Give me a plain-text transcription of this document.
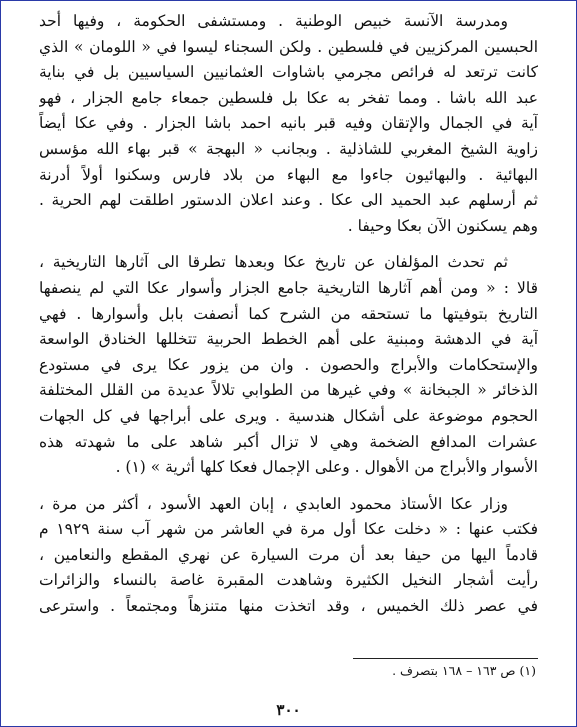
ومدرسة الآنسة خبيص الوطنية . ومستشفى الحكومة ، وفيها أحد
الحبسين المركزيين في فلسطين . ولكن السجناء ليسوا في « اللومان » الذي
كانت ترتعد له فرائص مجرمي باشاوات العثمانيين السياسيين بل في بناية
عبد الله باشا . ومما تفخر به عكا بل فلسطين جمعاء جامع الجزار ، فهو
آية في الجمال والإتقان وفيه قبر بانيه احمد باشا الجزار . وفي عكا أيضاً
زاوية الشيخ المغربي للشاذلية . وبجانب « البهجة » قبر بهاء الله مؤسس
البهائية . والبهائيون جاءوا مع البهاء من بلاد فارس وسكنوا أولاً أدرنة
ثم أرسلهم عبد الحميد الى عكا . وعند اعلان الدستور اطلقت لهم الحرية .
وهم يسكنون الآن بعكا وحيفا .
ثم تحدث المؤلفان عن تاريخ عكا وبعدها تطرقا الى آثارها التاريخية ،
قالا : « ومن أهم آثارها التاريخية جامع الجزار وأسوار عكا التي لم ينصفها
التاريخ بتوفيتها ما تستحقه من الشرح كما أنصفت بابل وأسوارها . فهي
آية في الدهشة ومبنية على أهم الخطط الحربية تتخللها الخنادق الواسعة
والإستحكامات والأبراج والحصون . وان من يزور عكا يرى في مستودع
الذخائر « الجبخانة » وفي غيرها من الطوابي تلالاً عديدة من القلل المختلفة
الحجوم موضوعة على أشكال هندسية . ويرى على أبراجها في كل الجهات
عشرات المدافع الضخمة وهي لا تزال أكبر شاهد على ما شهدته هذه
الأسوار والأبراج من الأهوال . وعلى الإجمال فعكا كلها أثرية » (١) .
وزار عكا الأستاذ محمود العابدي ، إبان العهد الأسود ، أكثر من مرة ،
فكتب عنها : « دخلت عكا أول مرة في العاشر من شهر آب سنة ١٩٢٩ م
قادماً اليها من حيفا بعد أن مرت السيارة عن نهري المقطع والنعامين ،
رأيت أشجار النخيل الكثيرة وشاهدت المقبرة غاصة بالنساء والزائرات
في عصر ذلك الخميس ، وقد اتخذت منها متنزهاً ومجتمعاً . واسترعى
(١) ص ١٦٣ – ١٦٨ بتصرف .
٣٠٠
